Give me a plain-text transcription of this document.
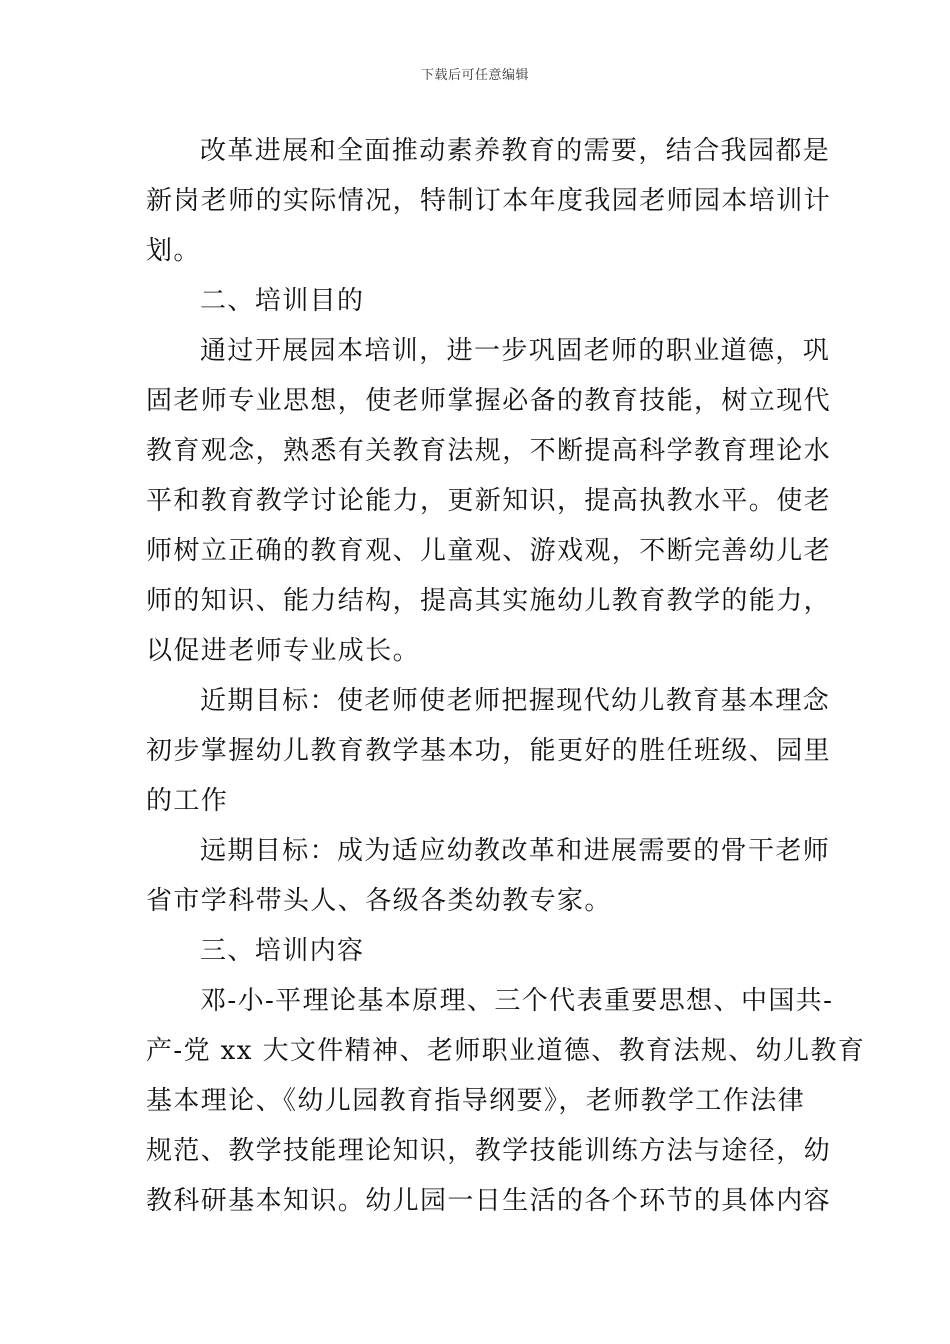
下载后可任意编辑
改革进展和全面推动素养教育的需要，结合我园都是
新岗老师的实际情况，特制订本年度我园老师园本培训计
划。
二、培训目的
通过开展园本培训，进一步巩固老师的职业道德，巩
固老师专业思想，使老师掌握必备的教育技能，树立现代
教育观念，熟悉有关教育法规，不断提高科学教育理论水
平和教育教学讨论能力，更新知识，提高执教水平。使老
师树立正确的教育观、儿童观、游戏观，不断完善幼儿老
师的知识、能力结构，提高其实施幼儿教育教学的能力，
以促进老师专业成长。
近期目标：使老师使老师把握现代幼儿教育基本理念
初步掌握幼儿教育教学基本功，能更好的胜任班级、园里
的工作
远期目标：成为适应幼教改革和进展需要的骨干老师
省市学科带头人、各级各类幼教专家。
三、培训内容
邓-小-平理论基本原理、三个代表重要思想、中国共-
产-党 xx 大文件精神、老师职业道德、教育法规、幼儿教育
基本理论、《幼儿园教育指导纲要》，老师教学工作法律
规范、教学技能理论知识，教学技能训练方法与途径，幼
教科研基本知识。幼儿园一日生活的各个环节的具体内容
